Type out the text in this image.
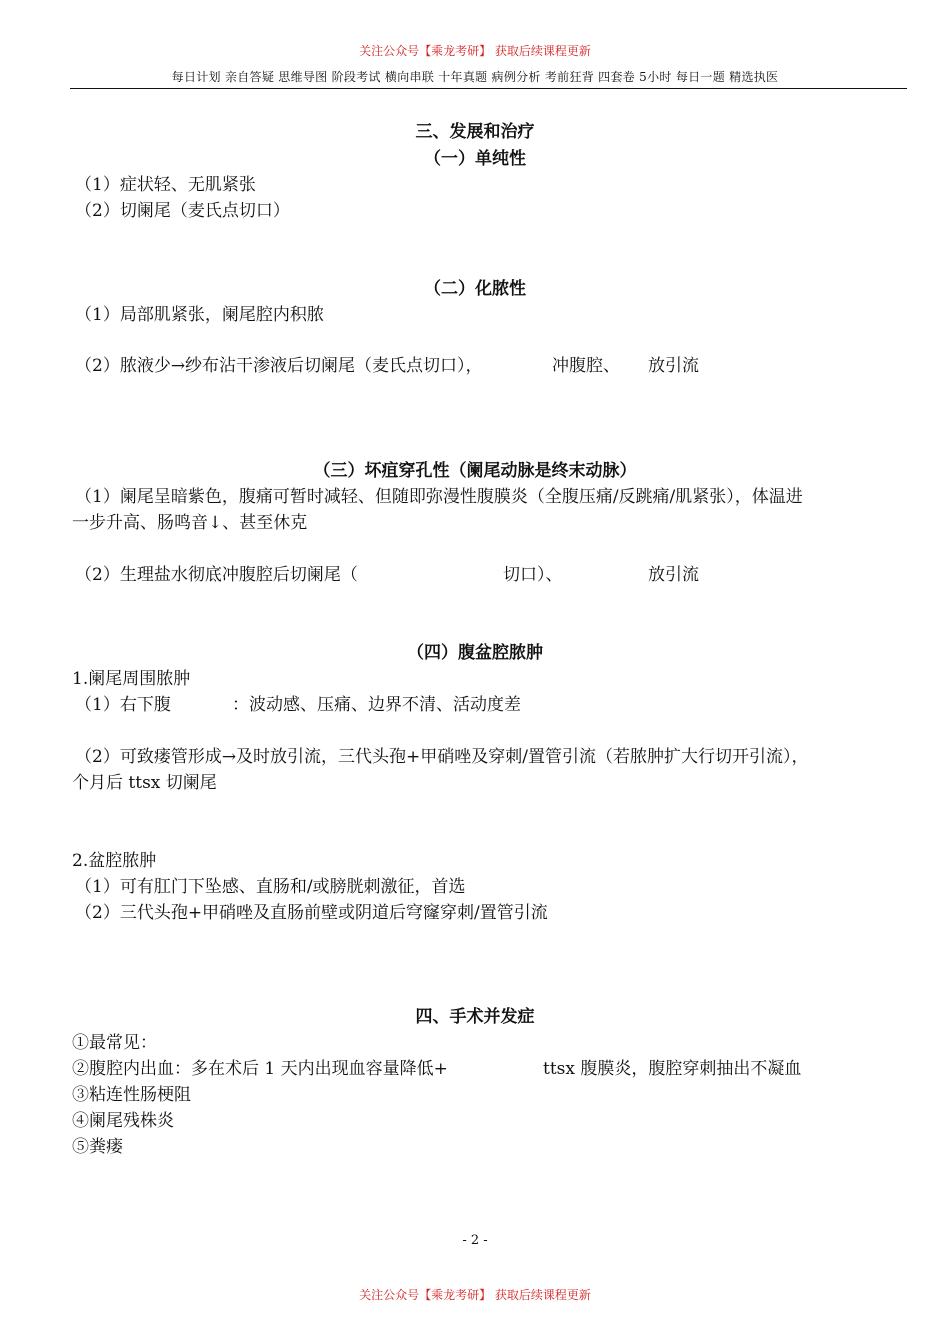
关注公众号【乘龙考研】 获取后续课程更新
每日计划 亲自答疑 思维导图 阶段考试 横向串联 十年真题 病例分析 考前狂背 四套卷 5小时 每日一题 精选执医
三、发展和治疗
（一）单纯性
（1）症状轻、无肌紧张
（2）切阑尾（麦氏点切口）
（二）化脓性
（1）局部肌紧张，阑尾腔内积脓
（2）脓液少→纱布沾干渗液后切阑尾（麦氏点切口），	冲腹腔、 放引流
（三）坏疽穿孔性（阑尾动脉是终末动脉）
（1）阑尾呈暗紫色，腹痛可暂时减轻、但随即弥漫性腹膜炎（全腹压痛/反跳痛/肌紧张），体温进
一步升高、肠鸣音↓、甚至休克
（2）生理盐水彻底冲腹腔后切阑尾（	切口）、	放引流
（四）腹盆腔脓肿
1.阑尾周围脓肿
（1）右下腹	：波动感、压痛、边界不清、活动度差
（2）可致瘘管形成→及时放引流，三代头孢+甲硝唑及穿刺/置管引流（若脓肿扩大行切开引流），
个月后 ttsx 切阑尾
2.盆腔脓肿
（1）可有肛门下坠感、直肠和/或膀胱刺激征，首选
（2）三代头孢+甲硝唑及直肠前壁或阴道后穹窿穿刺/置管引流
四、手术并发症
①最常见：
②腹腔内出血：多在术后 1 天内出现血容量降低+	ttsx 腹膜炎，腹腔穿刺抽出不凝血
③粘连性肠梗阻
④阑尾残株炎
⑤粪瘘
- 2 -
关注公众号【乘龙考研】 获取后续课程更新
